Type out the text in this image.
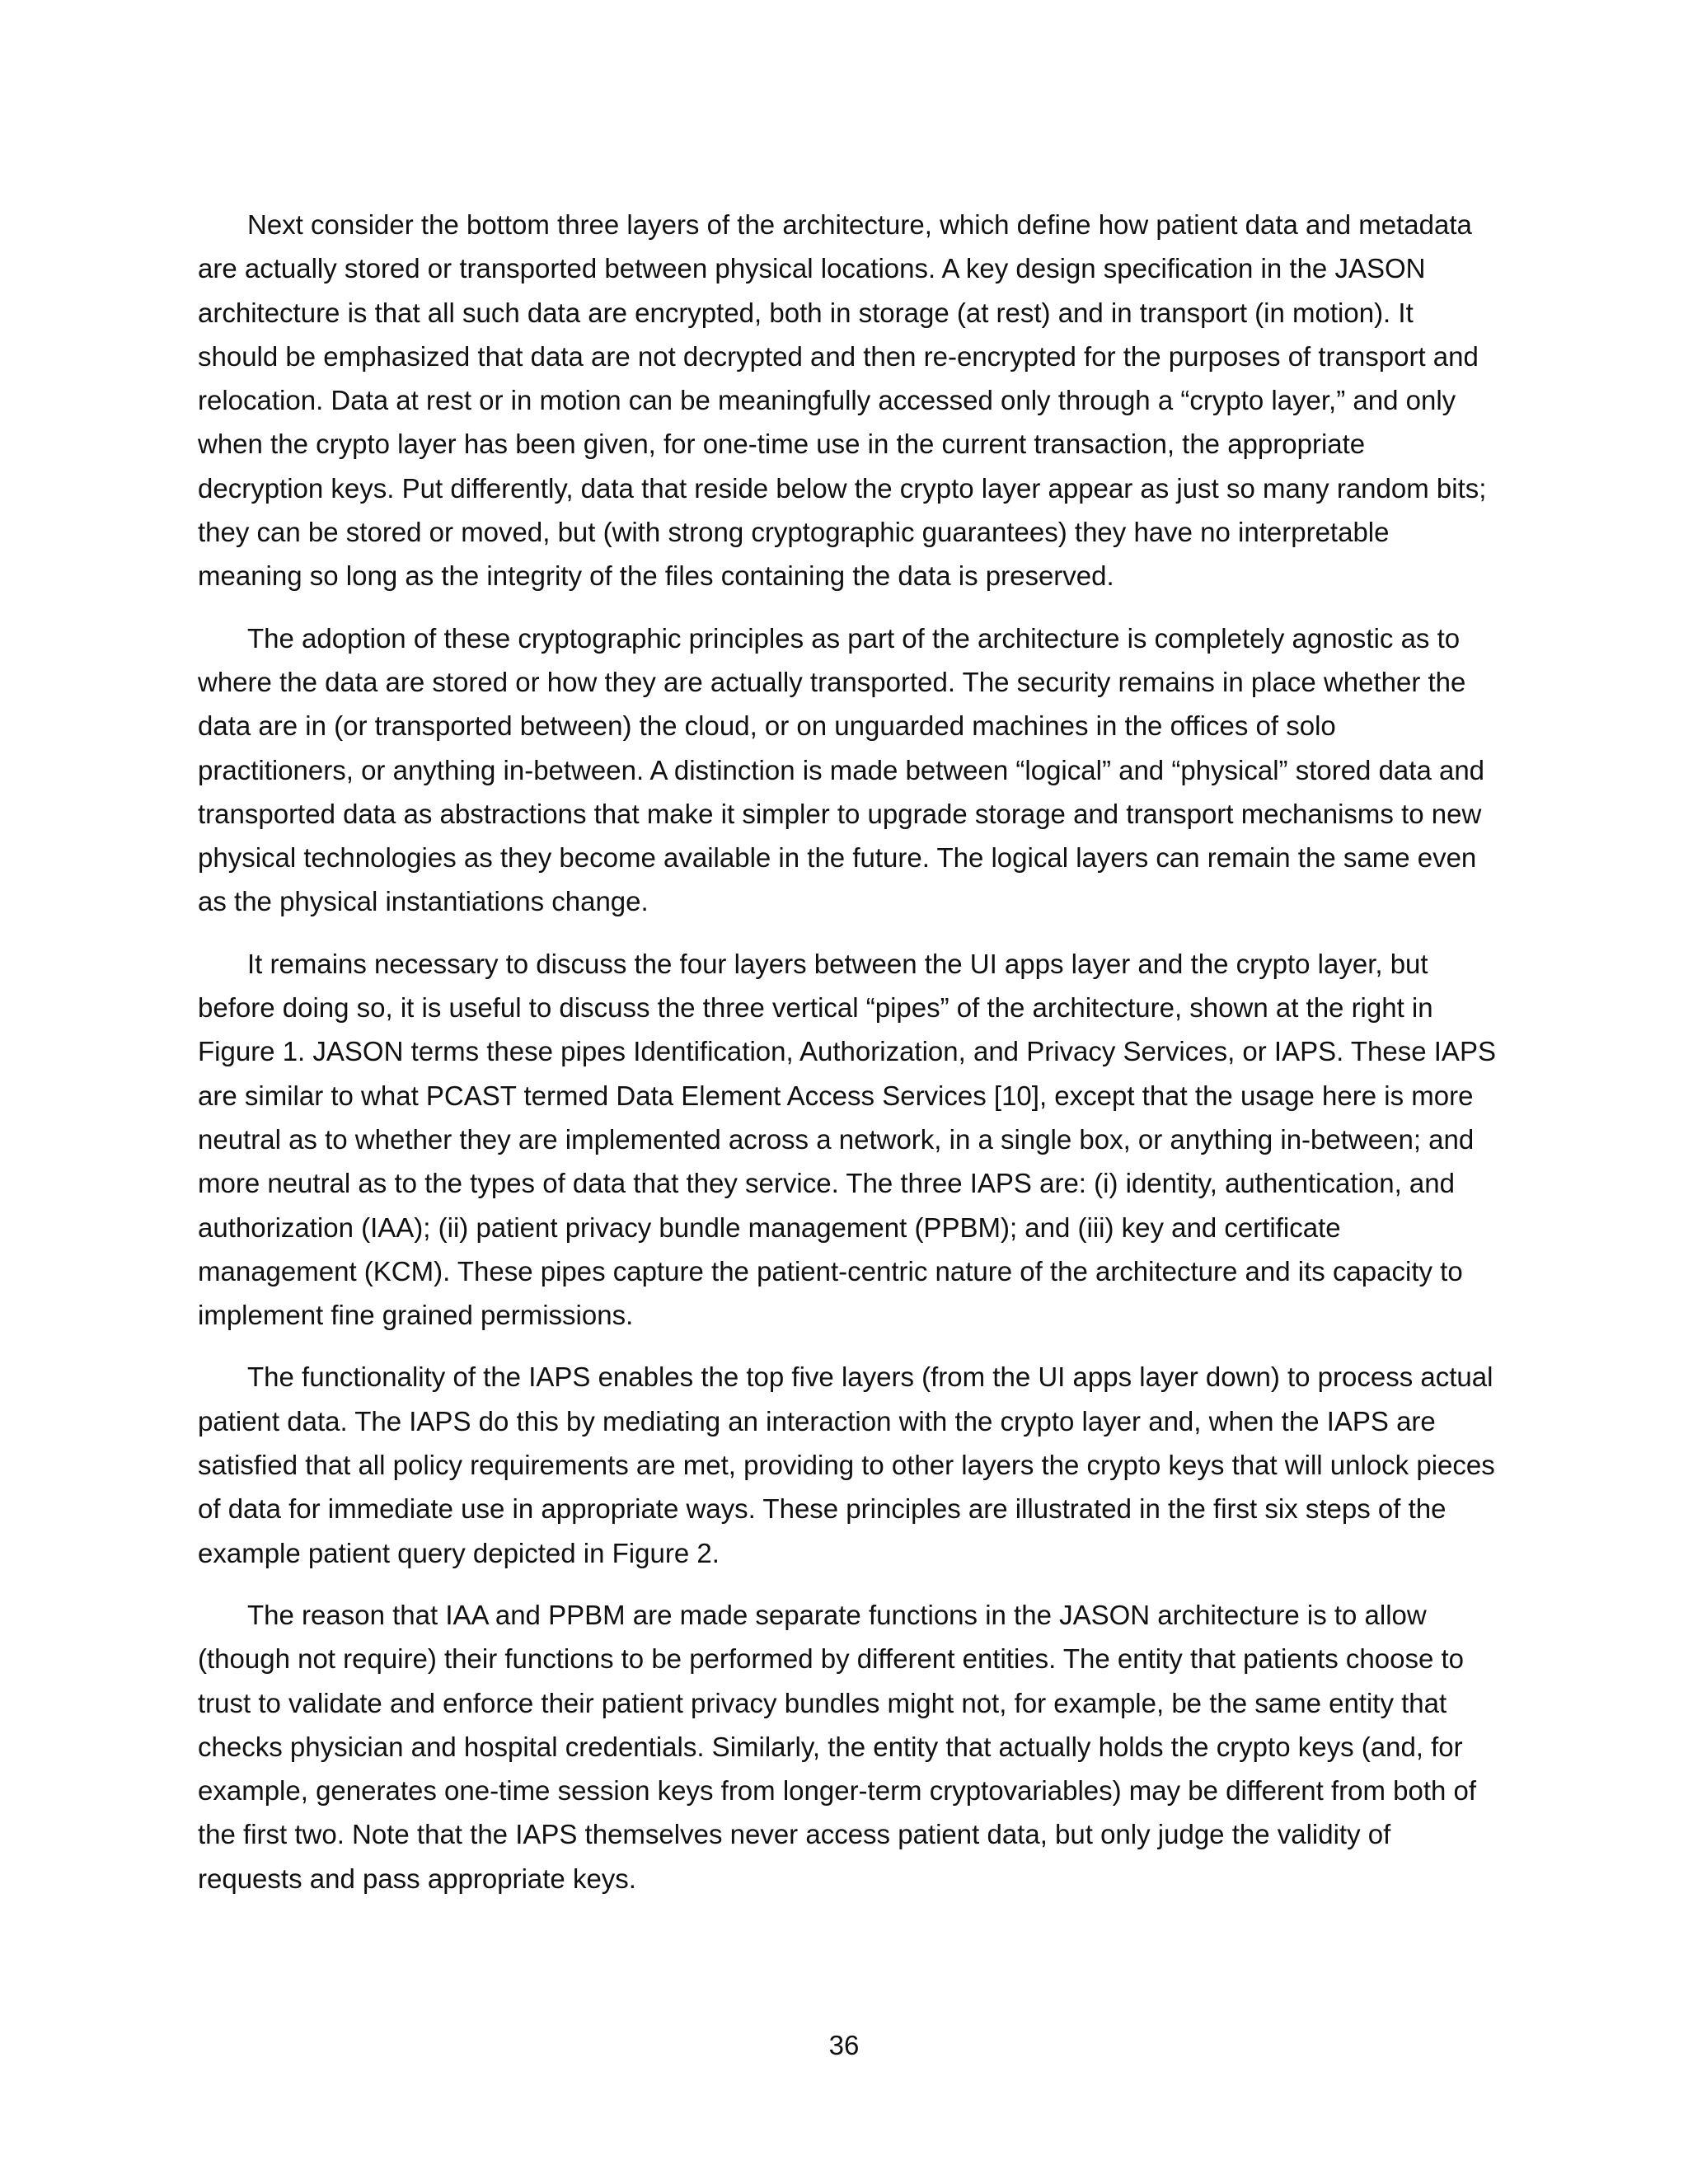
Next consider the bottom three layers of the architecture, which define how patient data and metadata are actually stored or transported between physical locations. A key design specification in the JASON architecture is that all such data are encrypted, both in storage (at rest) and in transport (in motion). It should be emphasized that data are not decrypted and then re-encrypted for the purposes of transport and relocation. Data at rest or in motion can be meaningfully accessed only through a “crypto layer,” and only when the crypto layer has been given, for one-time use in the current transaction, the appropriate decryption keys. Put differently, data that reside below the crypto layer appear as just so many random bits; they can be stored or moved, but (with strong cryptographic guarantees) they have no interpretable meaning so long as the integrity of the files containing the data is preserved.

The adoption of these cryptographic principles as part of the architecture is completely agnostic as to where the data are stored or how they are actually transported. The security remains in place whether the data are in (or transported between) the cloud, or on unguarded machines in the offices of solo practitioners, or anything in-between. A distinction is made between “logical” and “physical” stored data and transported data as abstractions that make it simpler to upgrade storage and transport mechanisms to new physical technologies as they become available in the future. The logical layers can remain the same even as the physical instantiations change.

It remains necessary to discuss the four layers between the UI apps layer and the crypto layer, but before doing so, it is useful to discuss the three vertical “pipes” of the architecture, shown at the right in Figure 1. JASON terms these pipes Identification, Authorization, and Privacy Services, or IAPS. These IAPS are similar to what PCAST termed Data Element Access Services [10], except that the usage here is more neutral as to whether they are implemented across a network, in a single box, or anything in-between; and more neutral as to the types of data that they service. The three IAPS are: (i) identity, authentication, and authorization (IAA); (ii) patient privacy bundle management (PPBM); and (iii) key and certificate management (KCM). These pipes capture the patient-centric nature of the architecture and its capacity to implement fine grained permissions.

The functionality of the IAPS enables the top five layers (from the UI apps layer down) to process actual patient data. The IAPS do this by mediating an interaction with the crypto layer and, when the IAPS are satisfied that all policy requirements are met, providing to other layers the crypto keys that will unlock pieces of data for immediate use in appropriate ways. These principles are illustrated in the first six steps of the example patient query depicted in Figure 2.

The reason that IAA and PPBM are made separate functions in the JASON architecture is to allow (though not require) their functions to be performed by different entities. The entity that patients choose to trust to validate and enforce their patient privacy bundles might not, for example, be the same entity that checks physician and hospital credentials. Similarly, the entity that actually holds the crypto keys (and, for example, generates one-time session keys from longer-term cryptovariables) may be different from both of the first two. Note that the IAPS themselves never access patient data, but only judge the validity of requests and pass appropriate keys.

36
